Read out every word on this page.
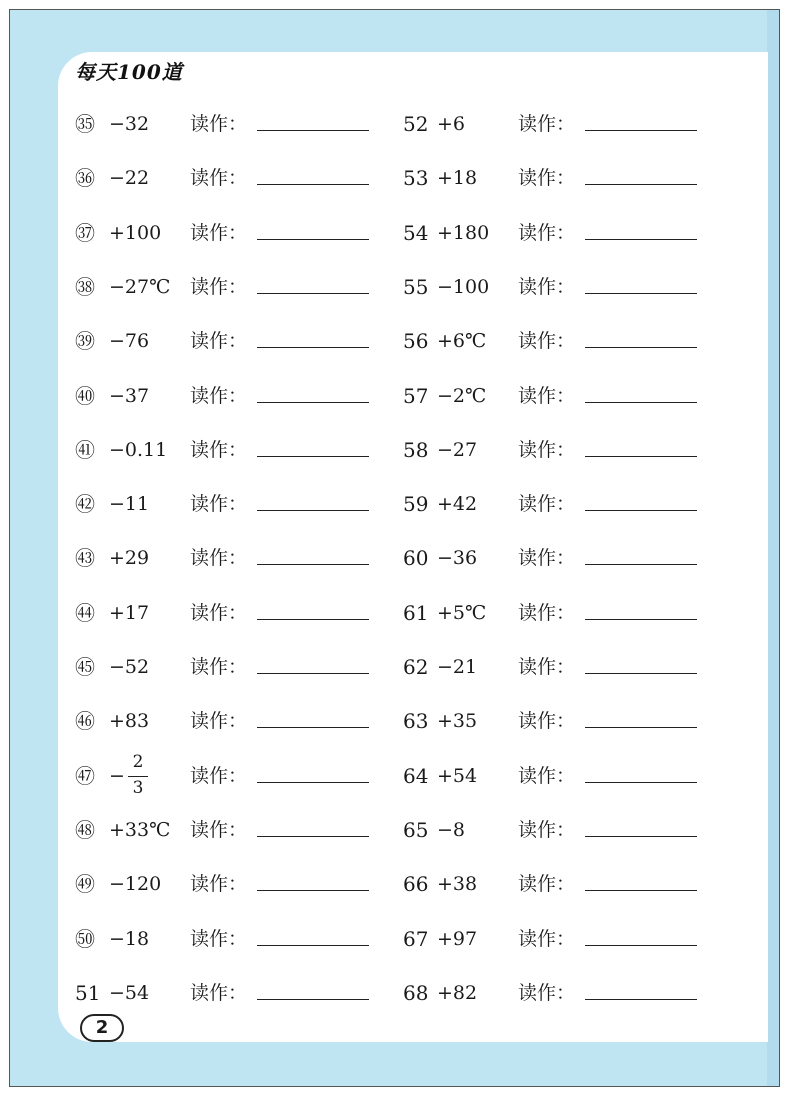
每天100道
㉟ −32 读作：
㊱ −22 读作：
㊲ +100 读作：
㊳ −27℃ 读作：
㊴ −76 读作：
㊵ −37 读作：
㊶ −0.11 读作：
㊷ −11 读作：
㊸ +29 读作：
㊹ +17 读作：
㊺ −52 读作：
㊻ +83 读作：
㊼ −
2
3
读作：
㊽ +33℃ 读作：
㊾ −120 读作：
㊿ −18 读作：
51 −54 读作：
52 +6	读作：
53 +18 读作：
54 +180 读作：
55 −100 读作：
56 +6℃ 读作：
57 −2℃ 读作：
58 −27 读作：
59 +42 读作：
60 −36 读作：
61 +5℃ 读作：
62 −21 读作：
63 +35 读作：
64 +54 读作：
65 −8	读作：
66 +38 读作：
67 +97 读作：
68 +82 读作：
2
